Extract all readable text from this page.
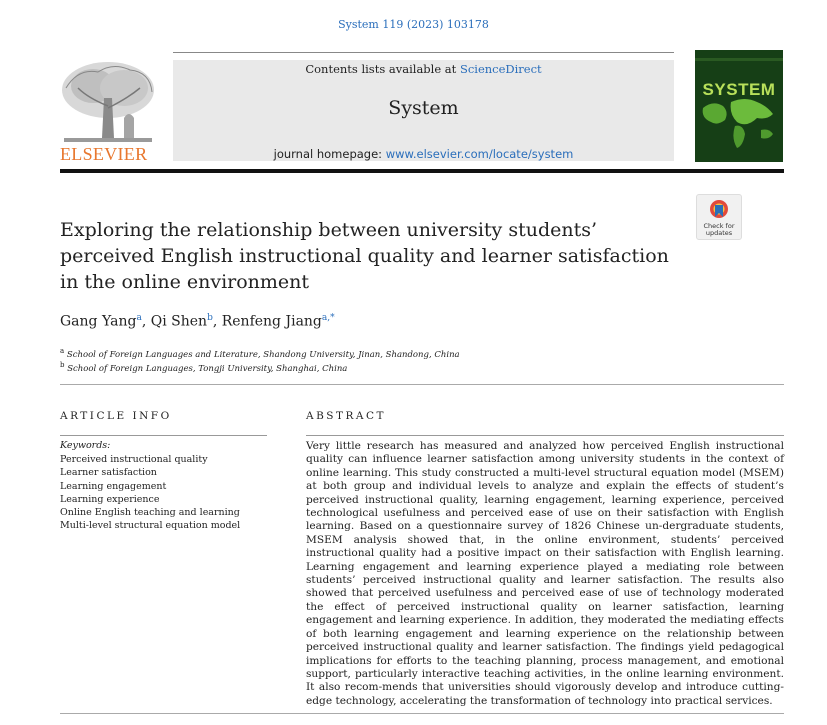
System 119 (2023) 103178
ELSEVIER
Contents lists available at ScienceDirect
System
journal homepage: www.elsevier.com/locate/system
SYSTEM
Check for
updates
Exploring the relationship between university students’ perceived English instructional quality and learner satisfaction in the online environment
Gang Yang$^a$, Qi Shen$^b$, Renfeng Jiang$^{a,*}$
$^a$ School of Foreign Languages and Literature, Shandong University, Jinan, Shandong, China
$^b$ School of Foreign Languages, Tongji University, Shanghai, China
ARTICLE INFO	ABSTRACT
Keywords:
Perceived instructional quality
Learner satisfaction
Learning engagement
Learning experience
Online English teaching and learning
Multi-level structural equation model
Very little research has measured and analyzed how perceived English instructional quality can influence learner satisfaction among university students in the context of online learning. This study constructed a multi-level structural equation model (MSEM) at both group and individual levels to analyze and explain the effects of student’s perceived instructional quality, learning engagement, learning experience, perceived technological usefulness and perceived ease of use on their satisfaction with English learning. Based on a questionnaire survey of 1826 Chinese un-dergraduate students, MSEM analysis showed that, in the online environment, students’ perceived instructional quality had a positive impact on their satisfaction with English learning. Learning engagement and learning experience played a mediating role between students’ perceived instructional quality and learner satisfaction. The results also showed that perceived usefulness and perceived ease of use of technology moderated the effect of perceived instructional quality on learner satisfaction, learning engagement and learning experience. In addition, they moderated the mediating effects of both learning engagement and learning experience on the relationship between perceived instructional quality and learner satisfaction. The findings yield pedagogical implications for efforts to the teaching planning, process management, and emotional support, particularly interactive teaching activities, in the online learning environment. It also recom-mends that universities should vigorously develop and introduce cutting-edge technology, accelerating the transformation of technology into practical services.
